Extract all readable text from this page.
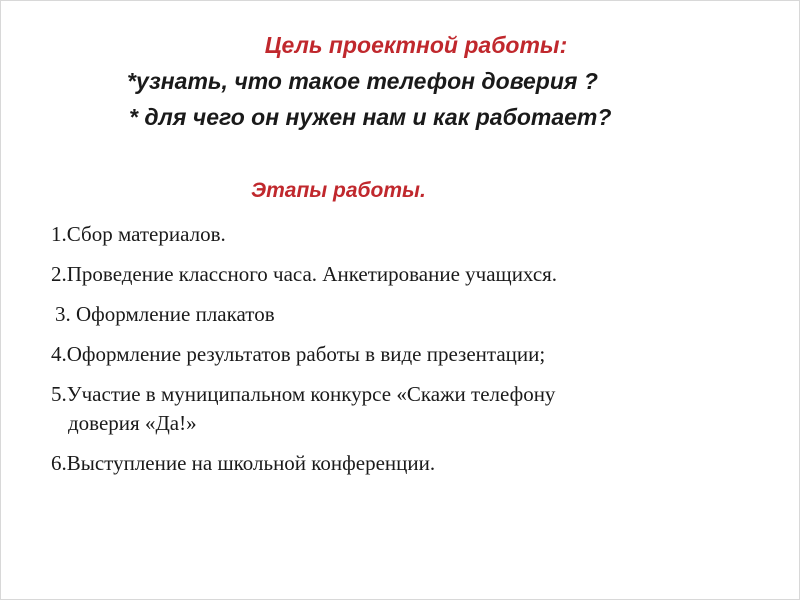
Цель проектной работы:
*узнать, что такое телефон доверия ?
* для чего он нужен нам и как работает?
Этапы работы.
1.Сбор материалов.
2.Проведение классного часа. Анкетирование учащихся.
3. Оформление плакатов
4.Оформление результатов работы в виде презентации;
5.Участие в муниципальном конкурсе «Скажи телефону
доверия «Да!»
6.Выступление на школьной конференции.
